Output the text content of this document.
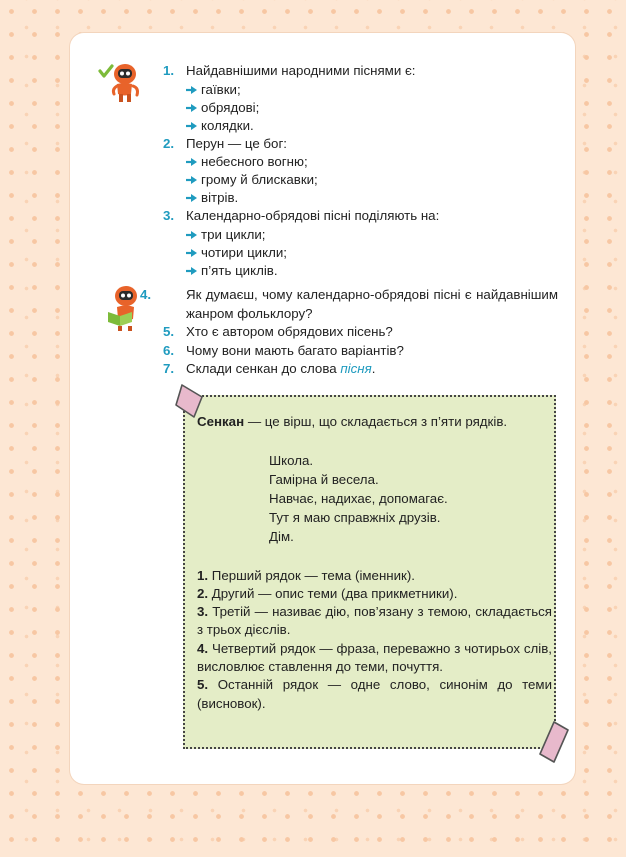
1. Найдавнішими народними піснями є:
гаївки;
обрядові;
колядки.
2. Перун — це бог:
небесного вогню;
грому й блискавки;
вітрів.
3. Календарно-обрядові пісні поділяють на:
три цикли;
чотири цикли;
п’ять циклів.
4.	Як думаєш, чому календарно-обрядові пісні є найдавнішим жанром фольклору?
5. Хто є автором обрядових пісень?
6. Чому вони мають багато варіантів?
7. Склади сенкан до слова пісня.

Сенкан — це вірш, що складається з п’яти рядків.

Школа.
Гамірна й весела.
Навчає, надихає, допомагає.
Тут я маю справжніх друзів.
Дім.
1. Перший рядок — тема (іменник).
2. Другий — опис теми (два прикметники).
3. Третій — називає дію, пов’язану з темою, складається з трьох дієслів.
4. Четвертий рядок — фраза, переважно з чотирьох слів, висловлює ставлення до теми, почуття.
5. Останній рядок — одне слово, синонім до теми (висновок).
